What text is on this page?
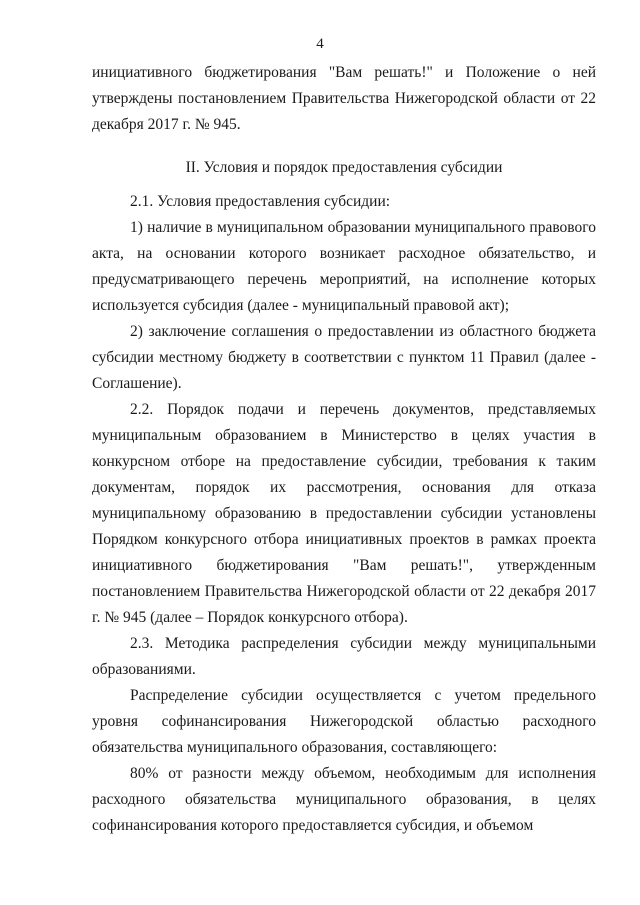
4

инициативного бюджетирования "Вам решать!" и Положение о ней утверждены постановлением Правительства Нижегородской области от 22 декабря 2017 г. № 945.

II. Условия и порядок предоставления субсидии

2.1. Условия предоставления субсидии:

1) наличие в муниципальном образовании муниципального правового акта, на основании которого возникает расходное обязательство, и предусматривающего перечень мероприятий, на исполнение которых используется субсидия (далее - муниципальный правовой акт);

2) заключение соглашения о предоставлении из областного бюджета субсидии местному бюджету в соответствии с пунктом 11 Правил (далее - Соглашение).

2.2. Порядок подачи и перечень документов, представляемых муниципальным образованием в Министерство в целях участия в конкурсном отборе на предоставление субсидии, требования к таким документам, порядок их рассмотрения, основания для отказа муниципальному образованию в предоставлении субсидии установлены Порядком конкурсного отбора инициативных проектов в рамках проекта инициативного бюджетирования "Вам решать!", утвержденным постановлением Правительства Нижегородской области от 22 декабря 2017 г. № 945 (далее – Порядок конкурсного отбора).

2.3. Методика распределения субсидии между муниципальными образованиями.

Распределение субсидии осуществляется с учетом предельного уровня софинансирования Нижегородской областью расходного обязательства муниципального образования, составляющего:

80% от разности между объемом, необходимым для исполнения расходного обязательства муниципального образования, в целях софинансирования которого предоставляется субсидия, и объемом
